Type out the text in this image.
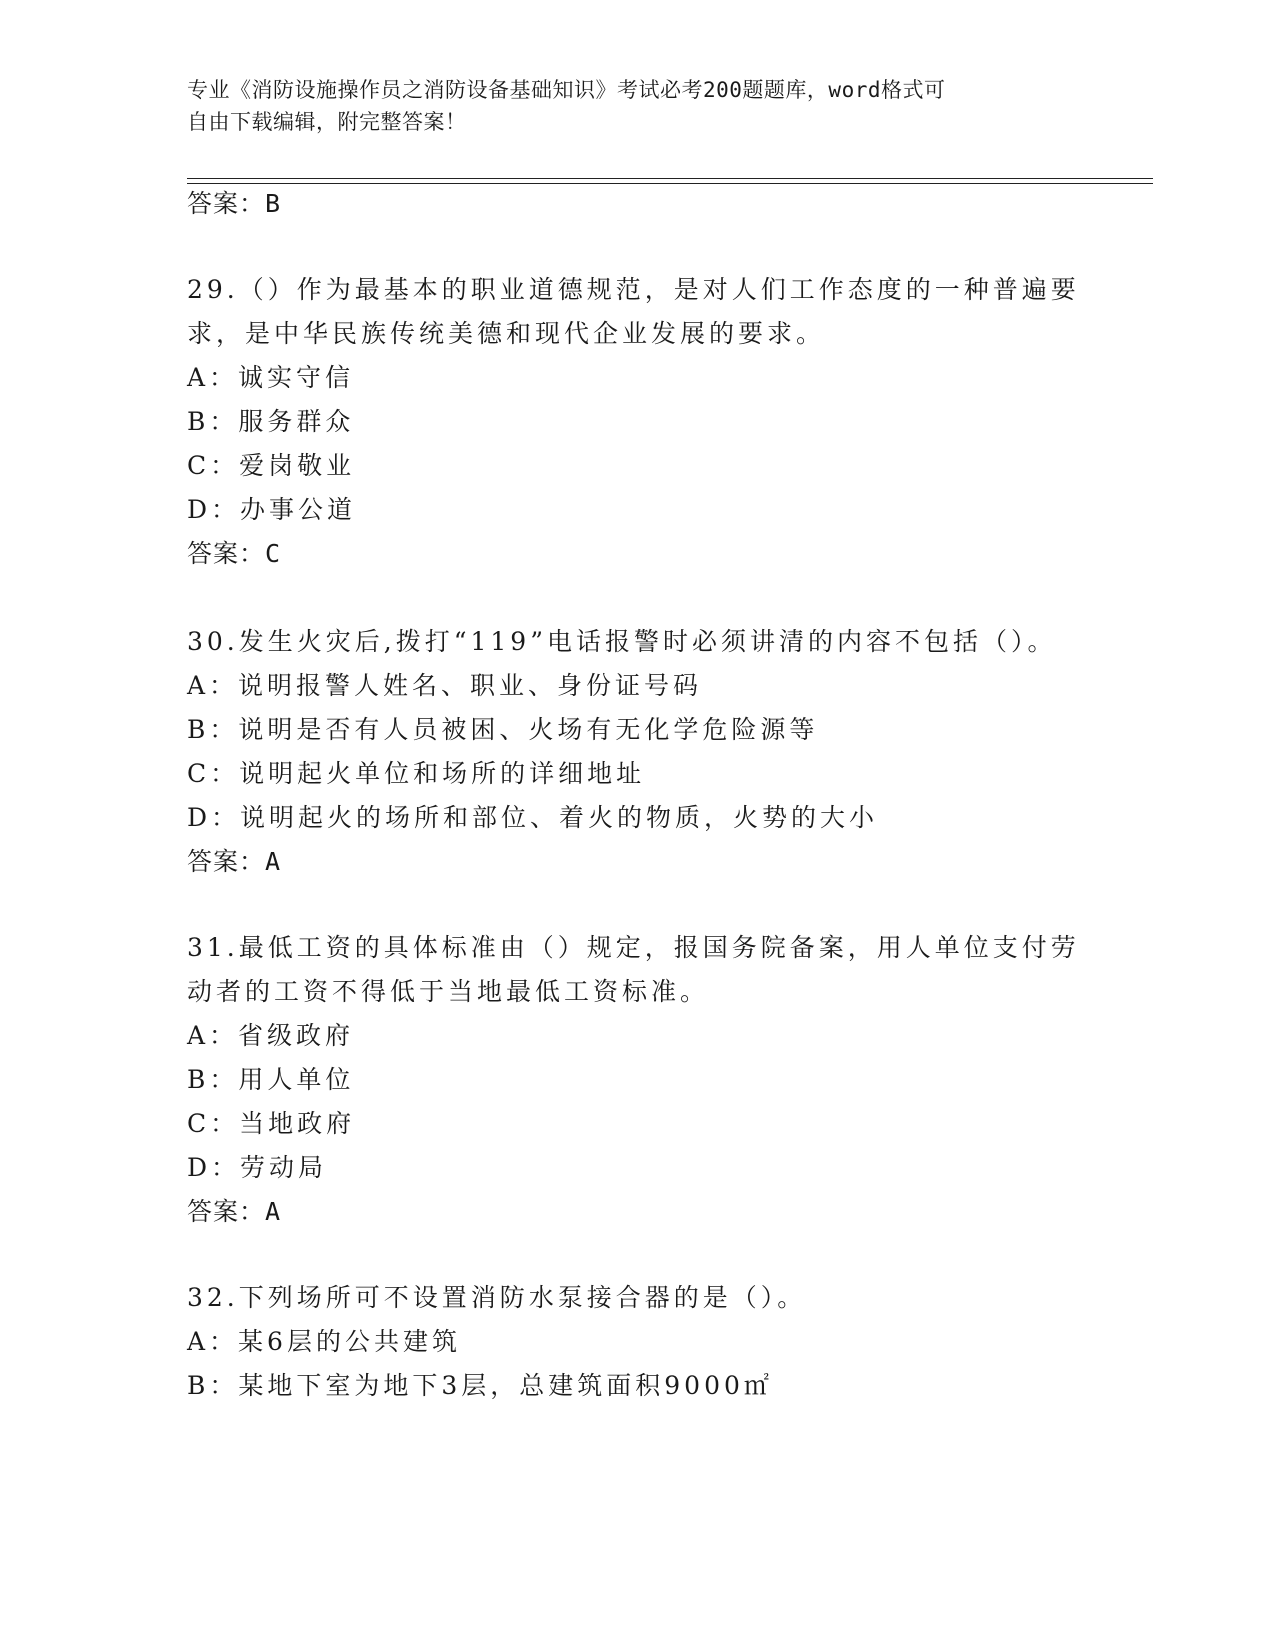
专业《消防设施操作员之消防设备基础知识》考试必考200题题库，word格式可
自由下载编辑，附完整答案！

答案：B

29.（）作为最基本的职业道德规范，是对人们工作态度的一种普遍要

求，是中华民族传统美德和现代企业发展的要求。

A：诚实守信

B：服务群众

C：爱岗敬业

D：办事公道

答案：C

30.发生火灾后,拨打“119”电话报警时必须讲清的内容不包括（）。

A：说明报警人姓名、职业、身份证号码

B：说明是否有人员被困、火场有无化学危险源等

C：说明起火单位和场所的详细地址

D：说明起火的场所和部位、着火的物质，火势的大小

答案：A

31.最低工资的具体标准由（）规定，报国务院备案，用人单位支付劳

动者的工资不得低于当地最低工资标准。

A：省级政府

B：用人单位

C：当地政府

D：劳动局

答案：A

32.下列场所可不设置消防水泵接合器的是（）。

A：某6层的公共建筑

B：某地下室为地下3层，总建筑面积9000㎡
